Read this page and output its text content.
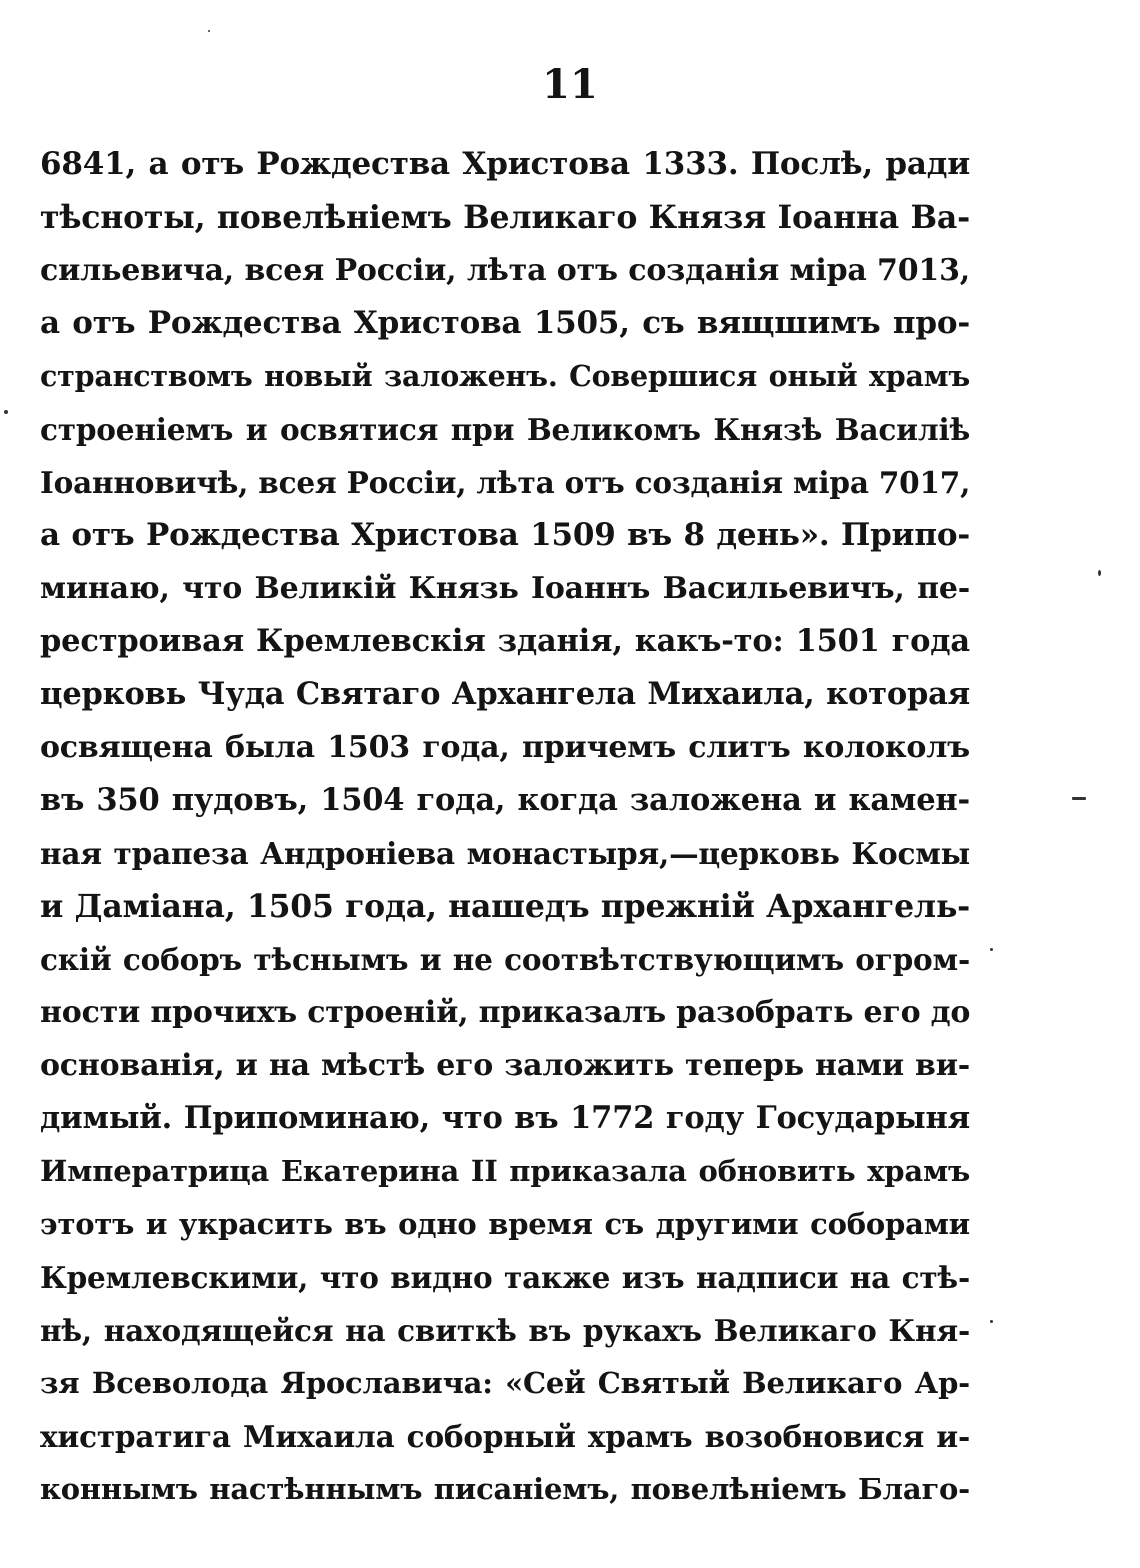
11
6841, а отъ Рождества Христова 1333. Послѣ, ради
тѣсноты, повелѣніемъ Великаго Князя Іоанна Ва-
сильевича, всея Россіи, лѣта отъ созданія міра 7013,
а отъ Рождества Христова 1505, съ вящшимъ про-
странствомъ новый заложенъ. Совершися оный храмъ
строеніемъ и освятися при Великомъ Князѣ Василіѣ
Іоанновичѣ, всея Россіи, лѣта отъ созданія міра 7017,
а отъ Рождества Христова 1509 въ 8 день». Припо-
минаю, что Великій Князь Іоаннъ Васильевичъ, пе-
рестроивая Кремлевскія зданія, какъ-то: 1501 года
церковь Чуда Святаго Архангела Михаила, которая
освящена была 1503 года, причемъ слитъ колоколъ
въ 350 пудовъ, 1504 года, когда заложена и камен-
ная трапеза Андроніева монастыря,—церковь Космы
и Даміана, 1505 года, нашедъ прежній Архангель-
скій соборъ тѣснымъ и не соотвѣтствующимъ огром-
ности прочихъ строеній, приказалъ разобрать его до
основанія, и на мѣстѣ его заложить теперь нами ви-
димый. Припоминаю, что въ 1772 году Государыня
Императрица Екатерина II приказала обновить храмъ
этотъ и украсить въ одно время съ другими соборами
Кремлевскими, что видно также изъ надписи на стѣ-
нѣ, находящейся на свиткѣ въ рукахъ Великаго Кня-
зя Всеволода Ярославича: «Сей Святый Великаго Ар-
хистратига Михаила соборный храмъ возобновися и-
коннымъ настѣннымъ писаніемъ, повелѣніемъ Благо-
